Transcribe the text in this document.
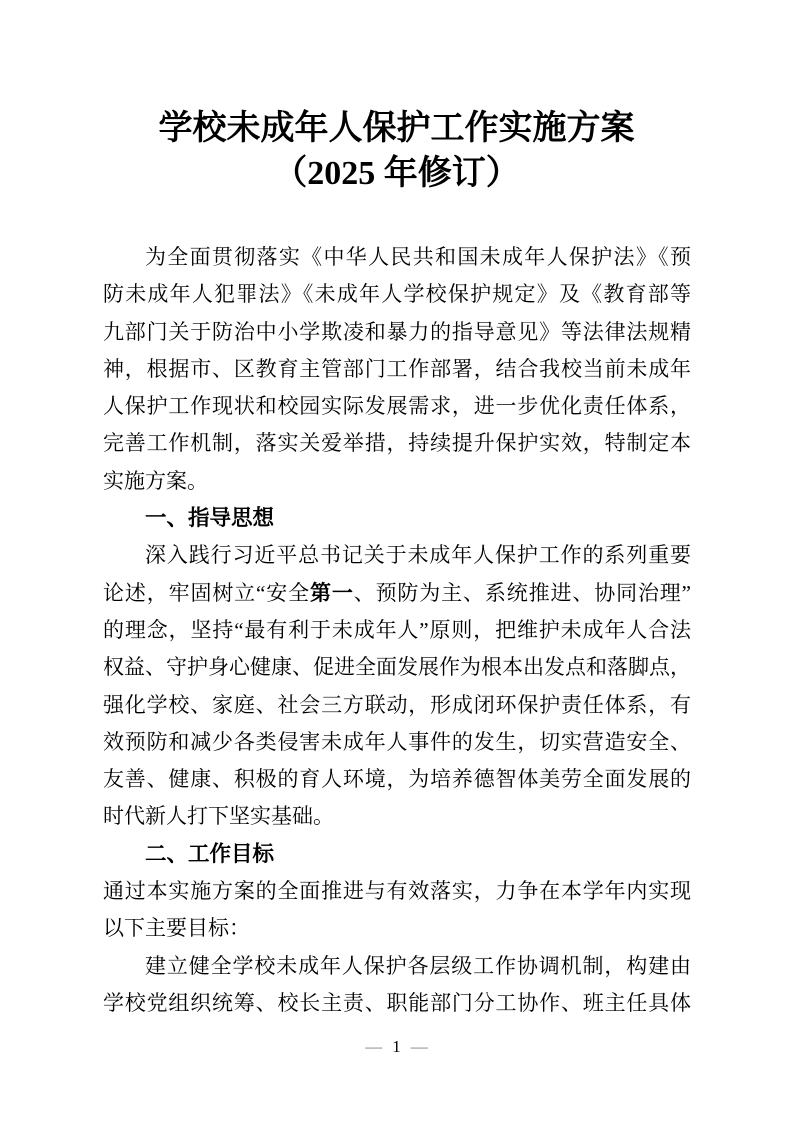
学校未成年人保护工作实施方案
（2025 年修订）
为全面贯彻落实《中华人民共和国未成年人保护法》《预
防未成年人犯罪法》《未成年人学校保护规定》及《教育部等
九部门关于防治中小学欺凌和暴力的指导意见》等法律法规精
神，根据市、区教育主管部门工作部署，结合我校当前未成年
人保护工作现状和校园实际发展需求，进一步优化责任体系，
完善工作机制，落实关爱举措，持续提升保护实效，特制定本
实施方案。
一、指导思想
深入践行习近平总书记关于未成年人保护工作的系列重要
论述，牢固树立“安全第一、预防为主、系统推进、协同治理”
的理念，坚持“最有利于未成年人”原则，把维护未成年人合法
权益、守护身心健康、促进全面发展作为根本出发点和落脚点，
强化学校、家庭、社会三方联动，形成闭环保护责任体系，有
效预防和减少各类侵害未成年人事件的发生，切实营造安全、
友善、健康、积极的育人环境，为培养德智体美劳全面发展的
时代新人打下坚实基础。
二、工作目标
通过本实施方案的全面推进与有效落实，力争在本学年内实现
以下主要目标：
建立健全学校未成年人保护各层级工作协调机制，构建由
学校党组织统筹、校长主责、职能部门分工协作、班主任具体
— 1 —
